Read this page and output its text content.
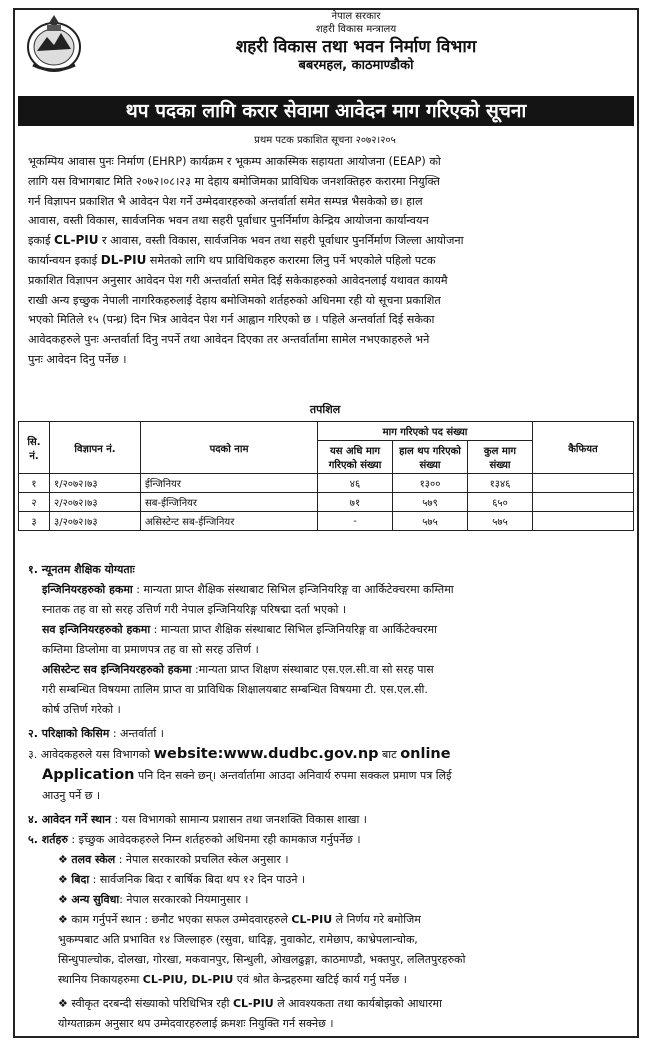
नेपाल सरकार
शहरी विकास मन्त्रालय
शहरी विकास तथा भवन निर्माण विभाग
बबरमहल, काठमाण्डौको
थप पदका लागि करार सेवामा आवेदन माग गरिएको सूचना
प्रथम पटक प्रकाशित सूचना २०७२।२०५
भूकम्पिय आवास पुनः निर्माण (EHRP) कार्यक्रम र भूकम्प आकस्मिक सहायता आयोजना (EEAP) को
लागि यस विभागबाट मिति २०७२।०८।२३ मा देहाय बमोजिमका प्राविधिक जनशक्तिहरु करारमा नियुक्ति
गर्न विज्ञापन प्रकाशित भै आवेदन पेश गर्ने उम्मेदवारहरुको अन्तर्वार्ता समेत सम्पन्न भैसकेको छ। हाल
आवास, वस्ती विकास, सार्वजनिक भवन तथा सहरी पूर्वाधार पुनर्निर्माण केन्द्रिय आयोजना कार्यान्वयन
इकाई CL-PIU र आवास, वस्ती विकास, सार्वजनिक भवन तथा सहरी पूर्वाधार पुनर्निर्माण जिल्ला आयोजना
कार्यान्वयन इकाई DL-PIU समेतको लागि थप प्राविधिकहरु करारमा लिनु पर्ने भएकोले पहिलो पटक
प्रकाशित विज्ञापन अनुसार आवेदन पेश गरी अन्तर्वार्ता समेत दिई सकेकाहरुको आवेदनलाई यथावत कायमै
राखी अन्य इच्छुक नेपाली नागरिकहरुलाई देहाय बमोजिमको शर्तहरुको अधिनमा रही यो सूचना प्रकाशित
भएको मितिले १५ (पन्ध्र) दिन भित्र आवेदन पेश गर्न आह्वान गरिएको छ । पहिले अन्तर्वार्ता दिई सकेका
आवेदकहरुले पुनः अन्तर्वार्ता दिनु नपर्ने तथा आवेदन दिएका तर अन्तर्वार्तामा सामेल नभएकाहरुले भने
पुनः आवेदन दिनु पर्नेछ ।
तपशिल
सि. नं.	विज्ञापन नं.	पदको नाम	माग गरिएको पद संख्या			कैफियत
			यस अधि माग गरिएको संख्या	हाल थप गरिएको संख्या	कुल माग संख्या	
१	१/२०७२।७३	ईन्जिनियर	४६	१३००	१३४६	
२	२/२०७२।७३	सब-ईन्जिनियर	७१	५७९	६५०	
३	३/२०७२।७३	असिस्टेन्ट सब-ईन्जिनियर	-	५७५	५७५	
१. न्यूनतम शैक्षिक योग्यताः
इन्जिनियरहरुको हकमा : मान्यता प्राप्त शैक्षिक संस्थाबाट सिभिल इन्जिनियरिङ्ग वा आर्किटेक्चरमा कम्तिमा
स्नातक तह वा सो सरह उत्तिर्ण गरी नेपाल इन्जिनियरिङ्ग परिषद्मा दर्ता भएको ।
सव इन्जिनियरहरुको हकमा : मान्यता प्राप्त शैक्षिक संस्थाबाट सिभिल इन्जिनियरिङ्ग वा आर्किटेक्चरमा
कम्तिमा डिप्लोमा वा प्रमाणपत्र तह वा सो सरह उत्तिर्ण ।
असिस्टेन्ट सव इन्जिनियरहरुको हकमा :मान्यता प्राप्त शिक्षण संस्थाबाट एस.एल.सी.वा सो सरह पास
गरी सम्बन्धित विषयमा तालिम प्राप्त वा प्राविधिक शिक्षालयबाट सम्बन्धित विषयमा टी. एस.एल.सी.
कोर्ष उत्तिर्ण गरेको ।
२. परिक्षाको किसिम : अन्तर्वार्ता ।
३. आवेदकहरुले यस विभागको website:www.dudbc.gov.np बाट online
Application पनि दिन सक्ने छन्। अन्तर्वार्तामा आउदा अनिवार्य रुपमा सक्कल प्रमाण पत्र लिई
आउनु पर्ने छ ।
४. आवेदन गर्ने स्थान : यस विभागको सामान्य प्रशासन तथा जनशक्ति विकास शाखा ।
५. शर्तहरु : इच्छुक आवेदकहरुले निम्न शर्तहरुको अधिनमा रही कामकाज गर्नुपर्नेछ ।
❖ तलव स्केल : नेपाल सरकारको प्रचलित स्केल अनुसार ।
❖ बिदा : सार्वजनिक बिदा र बार्षिक बिदा थप १२ दिन पाउने ।
❖ अन्य सुविधा: नेपाल सरकारको नियमानुसार ।
❖ काम गर्नुपर्ने स्थान : छनौट भएका सफल उम्मेदवारहरुले CL-PIU ले निर्णय गरे बमोजिम
भुकम्पबाट अति प्रभावित १४ जिल्लाहरु (रसुवा, धादिङ्ग, नुवाकोट, रामेछाप, काभ्रेपलान्चोक,
सिन्धुपाल्चोक, दोलखा, गोरखा, मकवानपुर, सिन्धुली, ओखलढुङ्गा, काठमाण्डौ, भक्तपुर, ललितपुरहरुको
स्थानिय निकायहरुमा CL-PIU, DL-PIU एवं श्रोत केन्द्रहरुमा खटिई कार्य गर्नु पर्नेछ ।
❖ स्वीकृत दरबन्दी संख्याको परिधिभित्र रही CL-PIU ले आवश्यकता तथा कार्यबोझको आधारमा
योग्यताक्रम अनुसार थप उम्मेदवारहरुलाई क्रमशः नियुक्ति गर्न सक्नेछ ।
